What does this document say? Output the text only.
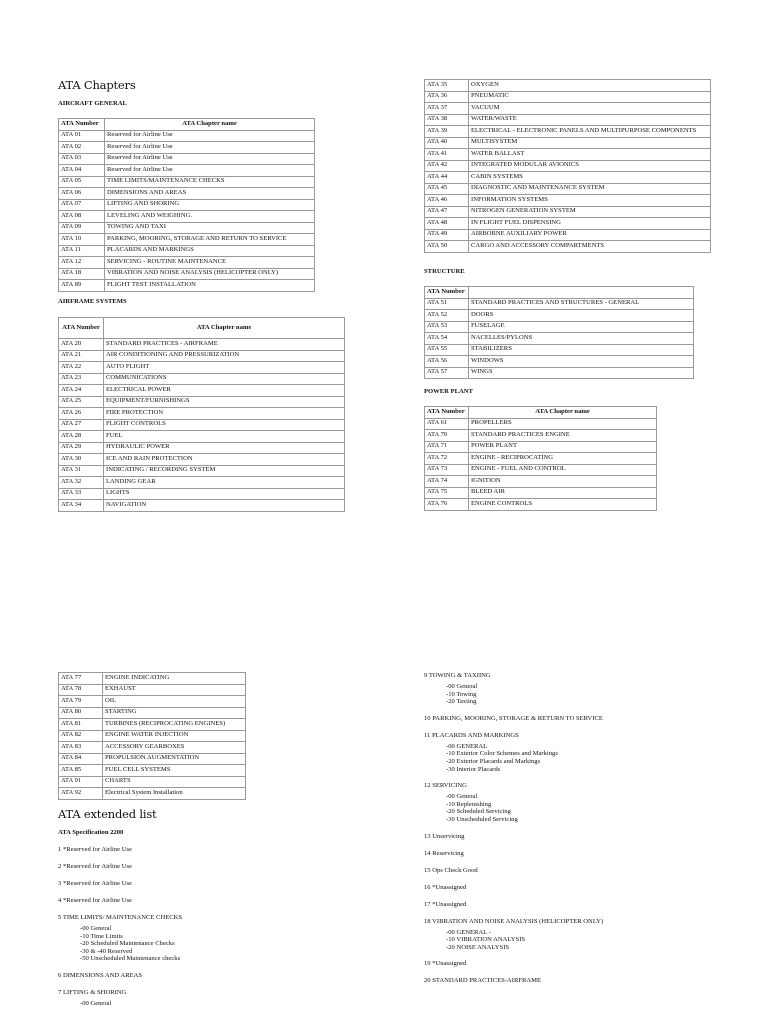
ATA Chapters

AIRCRAFT GENERAL

ATA Number	ATA Chapter name
ATA 01	Reserved for Airline Use
ATA 02	Reserved for Airline Use
ATA 03	Reserved for Airline Use
ATA 04	Reserved for Airline Use
ATA 05	TIME LIMITS/MAINTENANCE CHECKS
ATA 06	DIMENSIONS AND AREAS
ATA 07	LIFTING AND SHORING
ATA 08	LEVELING AND WEIGHING.
ATA 09	TOWING AND TAXI
ATA 10	PARKING, MOORING, STORAGE AND RETURN TO SERVICE
ATA 11	PLACARDS AND MARKINGS
ATA 12	SERVICING - ROUTINE MAINTENANCE
ATA 18	VIBRATION AND NOISE ANALYSIS (HELICOPTER ONLY)
ATA 89	FLIGHT TEST INSTALLATION

AIRFRAME SYSTEMS

ATA Number	ATA Chapter name
ATA 20	STANDARD PRACTICES - AIRFRAME
ATA 21	AIR CONDITIONING AND PRESSURIZATION
ATA 22	AUTO FLIGHT
ATA 23	COMMUNICATIONS
ATA 24	ELECTRICAL POWER
ATA 25	EQUIPMENT/FURNISHINGS
ATA 26	FIRE PROTECTION
ATA 27	FLIGHT CONTROLS
ATA 28	FUEL
ATA 29	HYDRAULIC POWER
ATA 30	ICE AND RAIN PROTECTION
ATA 31	INDICATING / RECORDING SYSTEM
ATA 32	LANDING GEAR
ATA 33	LIGHTS
ATA 34	NAVIGATION
ATA 35	OXYGEN
ATA 36	PNEUMATIC
ATA 37	VACUUM
ATA 38	WATER/WASTE
ATA 39	ELECTRICAL - ELECTRONIC PANELS AND MULTIPURPOSE COMPONENTS
ATA 40	MULTISYSTEM
ATA 41	WATER BALLAST
ATA 42	INTEGRATED MODULAR AVIONICS
ATA 44	CABIN SYSTEMS
ATA 45	DIAGNOSTIC AND MAINTENANCE SYSTEM
ATA 46	INFORMATION SYSTEMS
ATA 47	NITROGEN GENERATION SYSTEM
ATA 48	IN FLIGHT FUEL DISPENSING
ATA 49	AIRBORNE AUXILIARY POWER
ATA 50	CARGO AND ACCESSORY COMPARTMENTS

STRUCTURE

ATA Number	
ATA 51	STANDARD PRACTICES AND STRUCTURES - GENERAL
ATA 52	DOORS
ATA 53	FUSELAGE
ATA 54	NACELLES/PYLONS
ATA 55	STABILIZERS
ATA 56	WINDOWS
ATA 57	WINGS

POWER PLANT

ATA Number	ATA Chapter name
ATA 61	PROPELLERS
ATA 70	STANDARD PRACTICES ENGINE
ATA 71	POWER PLANT
ATA 72	ENGINE - RECIPROCATING
ATA 73	ENGINE - FUEL AND CONTROL
ATA 74	IGNITION
ATA 75	BLEED AIR
ATA 76	ENGINE CONTROLS
ATA 77	ENGINE INDICATING
ATA 78	EXHAUST
ATA 79	OIL
ATA 80	STARTING
ATA 81	TURBINES (RECIPROCATING ENGINES)
ATA 82	ENGINE WATER INJECTION
ATA 83	ACCESSORY GEARBOXES
ATA 84	PROPULSION AUGMENTATION
ATA 85	FUEL CELL SYSTEMS
ATA 91	CHARTS
ATA 92	Electrical System Installation
ATA extended list

ATA Specification 2200

1 *Reserved for Airline Use
2 *Reserved for Airline Use
3 *Reserved for Airline Use
4 *Reserved for Airline Use
5 TIME LIMITS/ MAINTENANCE CHECKS
-00 General
-10 Time Limits
-20 Scheduled Maintenance Checks
-30 & -40 Reserved
-50 Unscheduled Maintenance checks
6 DIMENSIONS AND AREAS
7 LIFTING & SHORING
-00 General
9 TOWING & TAXIING
-00 General
-10 Towing
-20 Taxiing
10 PARKING, MOORING, STORAGE & RETURN TO SERVICE
11 PLACARDS AND MARKINGS
-00 GENERAL
-10 Exterior Color Schemes and Markings
-20 Exterior Placards and Markings
-30 Interior Placards
12 SERVICING
-00 General
-10 Replenishing
-20 Scheduled Servicing
-30 Unscheduled Servicing
13 Unservicing
14 Reservicing
15 Ops Check Good
16 *Unassigned
17 *Unassigned
18 VIBRATION AND NOISE ANALYSIS (HELICOPTER ONLY)
-00 GENERAL -
-10 VIBRATION ANALYSIS
-20 NOISE ANALYSIS
19 *Unassigned
20 STANDARD PRACTICES-AIRFRAME
